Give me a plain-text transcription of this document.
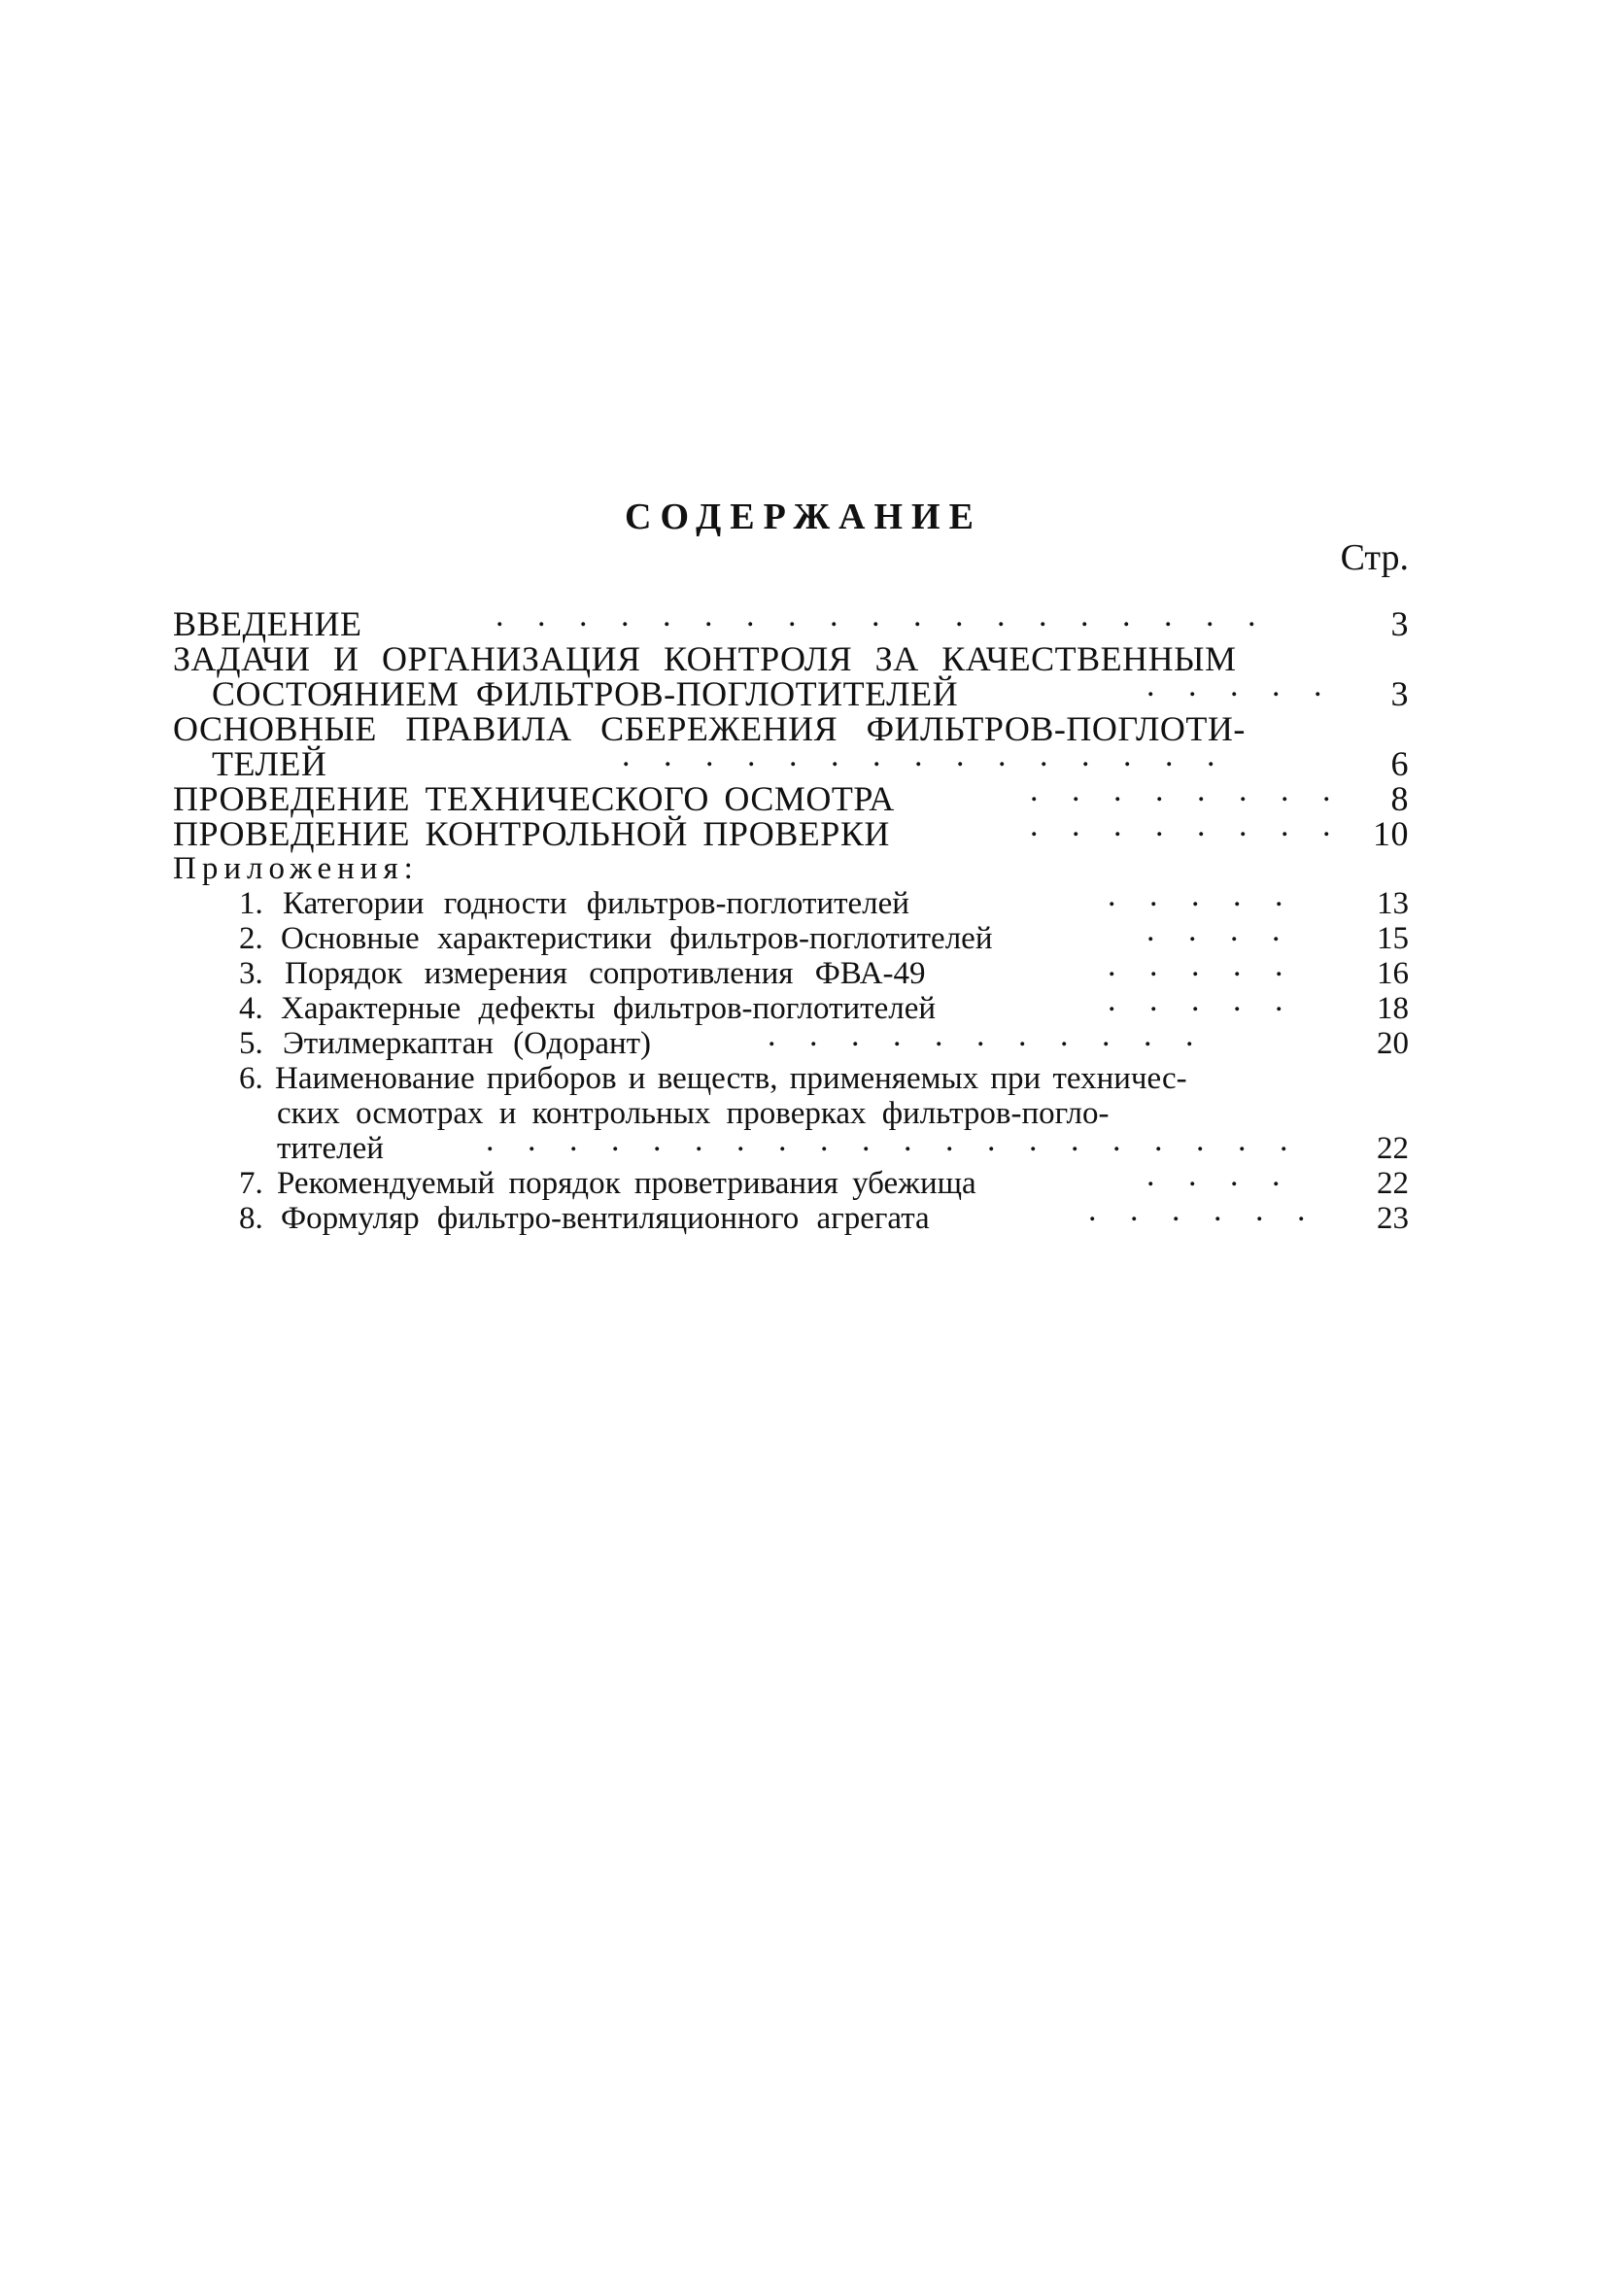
СОДЕРЖАНИЕ
Стр.
ВВЕДЕНИЕ	. . . . . . . . . . . . . . . . . . .	3
ЗАДАЧИ И ОРГАНИЗАЦИЯ КОНТРОЛЯ ЗА КАЧЕСТВЕННЫМ
СОСТОЯНИЕМ ФИЛЬТРОВ-ПОГЛОТИТЕЛЕЙ	. . . . .	3
ОСНОВНЫЕ ПРАВИЛА СБЕРЕЖЕНИЯ ФИЛЬТРОВ-ПОГЛОТИ-
ТЕЛЕЙ	. . . . . . . . . . . . . . .	6
ПРОВЕДЕНИЕ ТЕХНИЧЕСКОГО ОСМОТРА	. . . . . . . .	8
ПРОВЕДЕНИЕ КОНТРОЛЬНОЙ ПРОВЕРКИ	. . . . . . . . 10
Приложения:
1. Категории годности фильтров-поглотителей	. . . . .	13
2. Основные характеристики фильтров-поглотителей	. . . .	15
3. Порядок измерения сопротивления ФВА-49	. . . . .	16
4. Характерные дефекты фильтров-поглотителей	. . . . .	18
5. Этилмеркаптан (Одорант)	. . . . . . . . . . .	20
6. Наименование приборов и веществ, применяемых при техничес-
ских осмотрах и контрольных проверках фильтров-погло-
тителей	. . . . . . . . . . . . . . . . . . . .	22
7. Рекомендуемый порядок проветривания убежища	. . . .	22
8. Формуляр фильтро-вентиляционного агрегата	. . . . . .	23
